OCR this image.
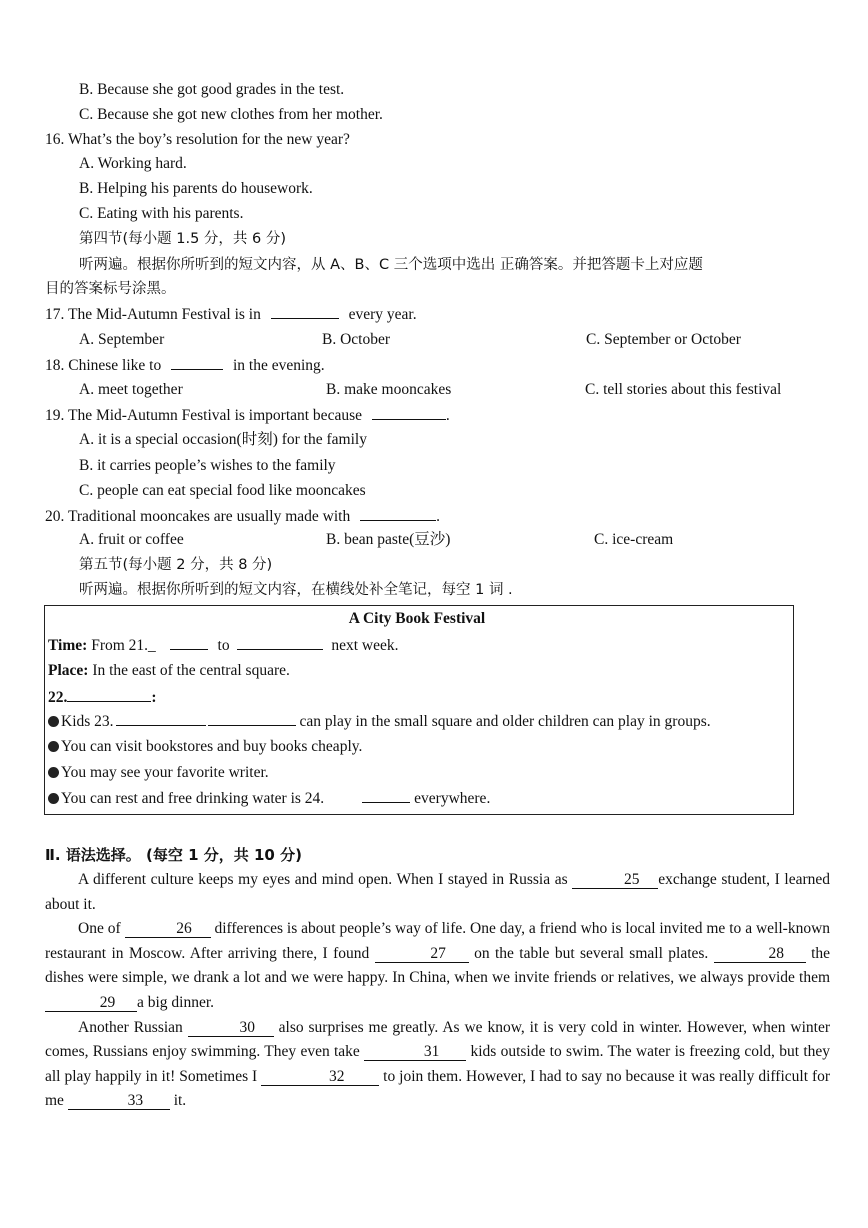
B. Because she got good grades in the test.
C. Because she got new clothes from her mother.
16. What’s the boy’s resolution for the new year?
A. Working hard.
B. Helping his parents do housework.
C. Eating with his parents.
第四节(每小题 1.5 分，共 6 分)
听两遍。根据你所听到的短文内容，从 A、B、C 三个选项中选出 正确答案。并把答题卡上对应题
目的答案标号涂黑。
17. The Mid-Autumn Festival is in	every year.
A. September	B. October	C. September or October
18. Chinese like to	in the evening.
A. meet together	B. make mooncakes	C. tell stories about this festival
19. The Mid-Autumn Festival is important because	.
A. it is a special occasion(时刻) for the family
B. it carries people’s wishes to the family
C. people can eat special food like mooncakes
20. Traditional mooncakes are usually made with	.
A. fruit or coffee	B. bean paste(豆沙)	C. ice-cream
第五节(每小题 2 分，共 8 分)
听两遍。根据你所听到的短文内容，在横线处补全笔记，每空 1 词 .
A City Book Festival
Time: From 21._	to	next week.
Place: In the east of the central square.
22.	:
Kids 23.	can play in the small square and older children can play in groups.
You can visit bookstores and buy books cheaply.
You may see your favorite writer.
You can rest and free drinking water is 24.	everywhere.
Ⅱ. 语法选择。 (每空 1 分，共 10 分)

A different culture keeps my eyes and mind open. When I stayed in Russia as	25 exchange student, I learned about it.

One of	26 differences is about people’s way of life. One day, a friend who is local invited me to a well-known restaurant in Moscow. After arriving there, I found	27 on the table but several small plates.	28 the dishes were simple, we drank a lot and we were happy. In China, when we invite friends or relatives, we always provide them 29 a big dinner.

Another Russian	30 also surprises me greatly. As we know, it is very cold in winter. However, when winter comes, Russians enjoy swimming. They even take	31 kids outside to swim. The water is freezing cold, but they all play happily in it! Sometimes I	32 to join them. However, I had to say no because it was really difficult for me	33 it.
